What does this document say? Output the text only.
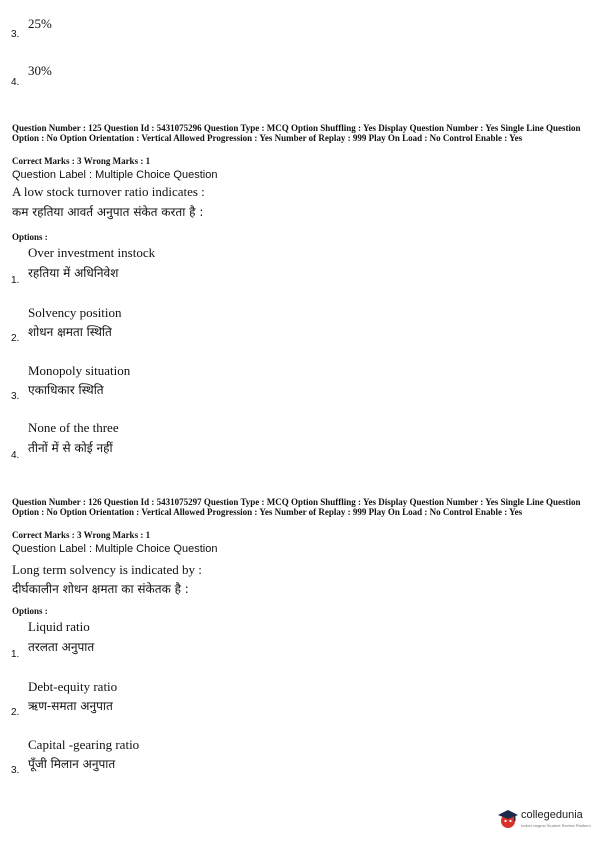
3.
25%
4.
30%
Question Number : 125 Question Id : 5431075296 Question Type : MCQ Option Shuffling : Yes Display Question Number : Yes Single Line Question Option : No Option Orientation : Vertical Allowed Progression : Yes Number of Replay : 999 Play On Load : No Control Enable : Yes
Correct Marks : 3 Wrong Marks : 1
Question Label : Multiple Choice Question
A low stock turnover ratio indicates :
कम रहतिया आवर्त अनुपात संकेत करता है :
Options :
1.
Over investment instock
रहतिया में अधिनिवेश
2.
Solvency position
शोधन क्षमता स्थिति
3.
Monopoly situation
एकाधिकार स्थिति
4.
None of the three
तीनों में से कोई नहीं
Question Number : 126 Question Id : 5431075297 Question Type : MCQ Option Shuffling : Yes Display Question Number : Yes Single Line Question Option : No Option Orientation : Vertical Allowed Progression : Yes Number of Replay : 999 Play On Load : No Control Enable : Yes
Correct Marks : 3 Wrong Marks : 1
Question Label : Multiple Choice Question
Long term solvency is indicated by :
दीर्घकालीन शोधन क्षमता का संकेतक है :
Options :
1.
Liquid ratio
तरलता अनुपात
2.
Debt-equity ratio
ऋण-समता अनुपात
3.
Capital -gearing ratio
पूँजी मिलान अनुपात
collegedunia
India's largest Student Review Platform
